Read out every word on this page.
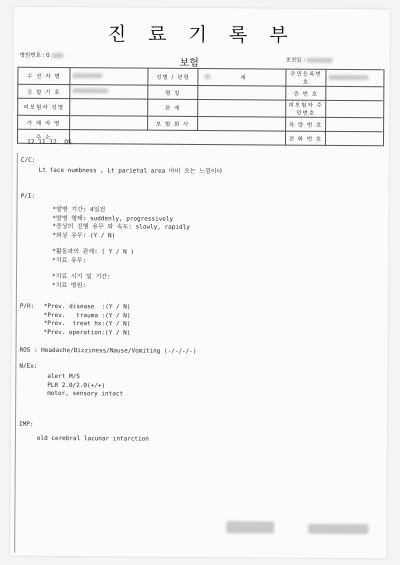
진 료 기 록 부
병원번호 : 0
보험	초진일 :
수 진 자 명		성별 / 년령	세	주민등록번호	
조 합 기 호		명 칭		증 번 호	
피보험자 성명		관 계		피보험자 주민번호	
가 해 자 명		보 험 회 사		차 량 번 호	
주 소				전 화 번 호	
12.11.12  OS
C/C:
Lt face numbness , Lt parietal area 마비 오는 느낌이다
P/I:
*발병 기간: 4일전
*발병 형태: suddenly, progressively
*증상의 진행 유무 와 속도: slowly, rapidly
*외상 유무: (Y / N)
*활동과의 관계: ( Y / N )
*치료 유무:
*치료 시기 및 기간:
*치료 병원:
P/H: *Prev. disease  :(Y / N)
*Prev.   trauma :(Y / N)
*Prev.  treat hx:(Y / N)
*Prev. operation:(Y / N)
ROS : Headache/Dizziness/Nause/Vomiting (-/-/-/-)
N/Ex:
alert M/S
PLR 2.0/2.0(+/+)
motor, sensory intact
IMP:
old cerebral lacunar infarction
